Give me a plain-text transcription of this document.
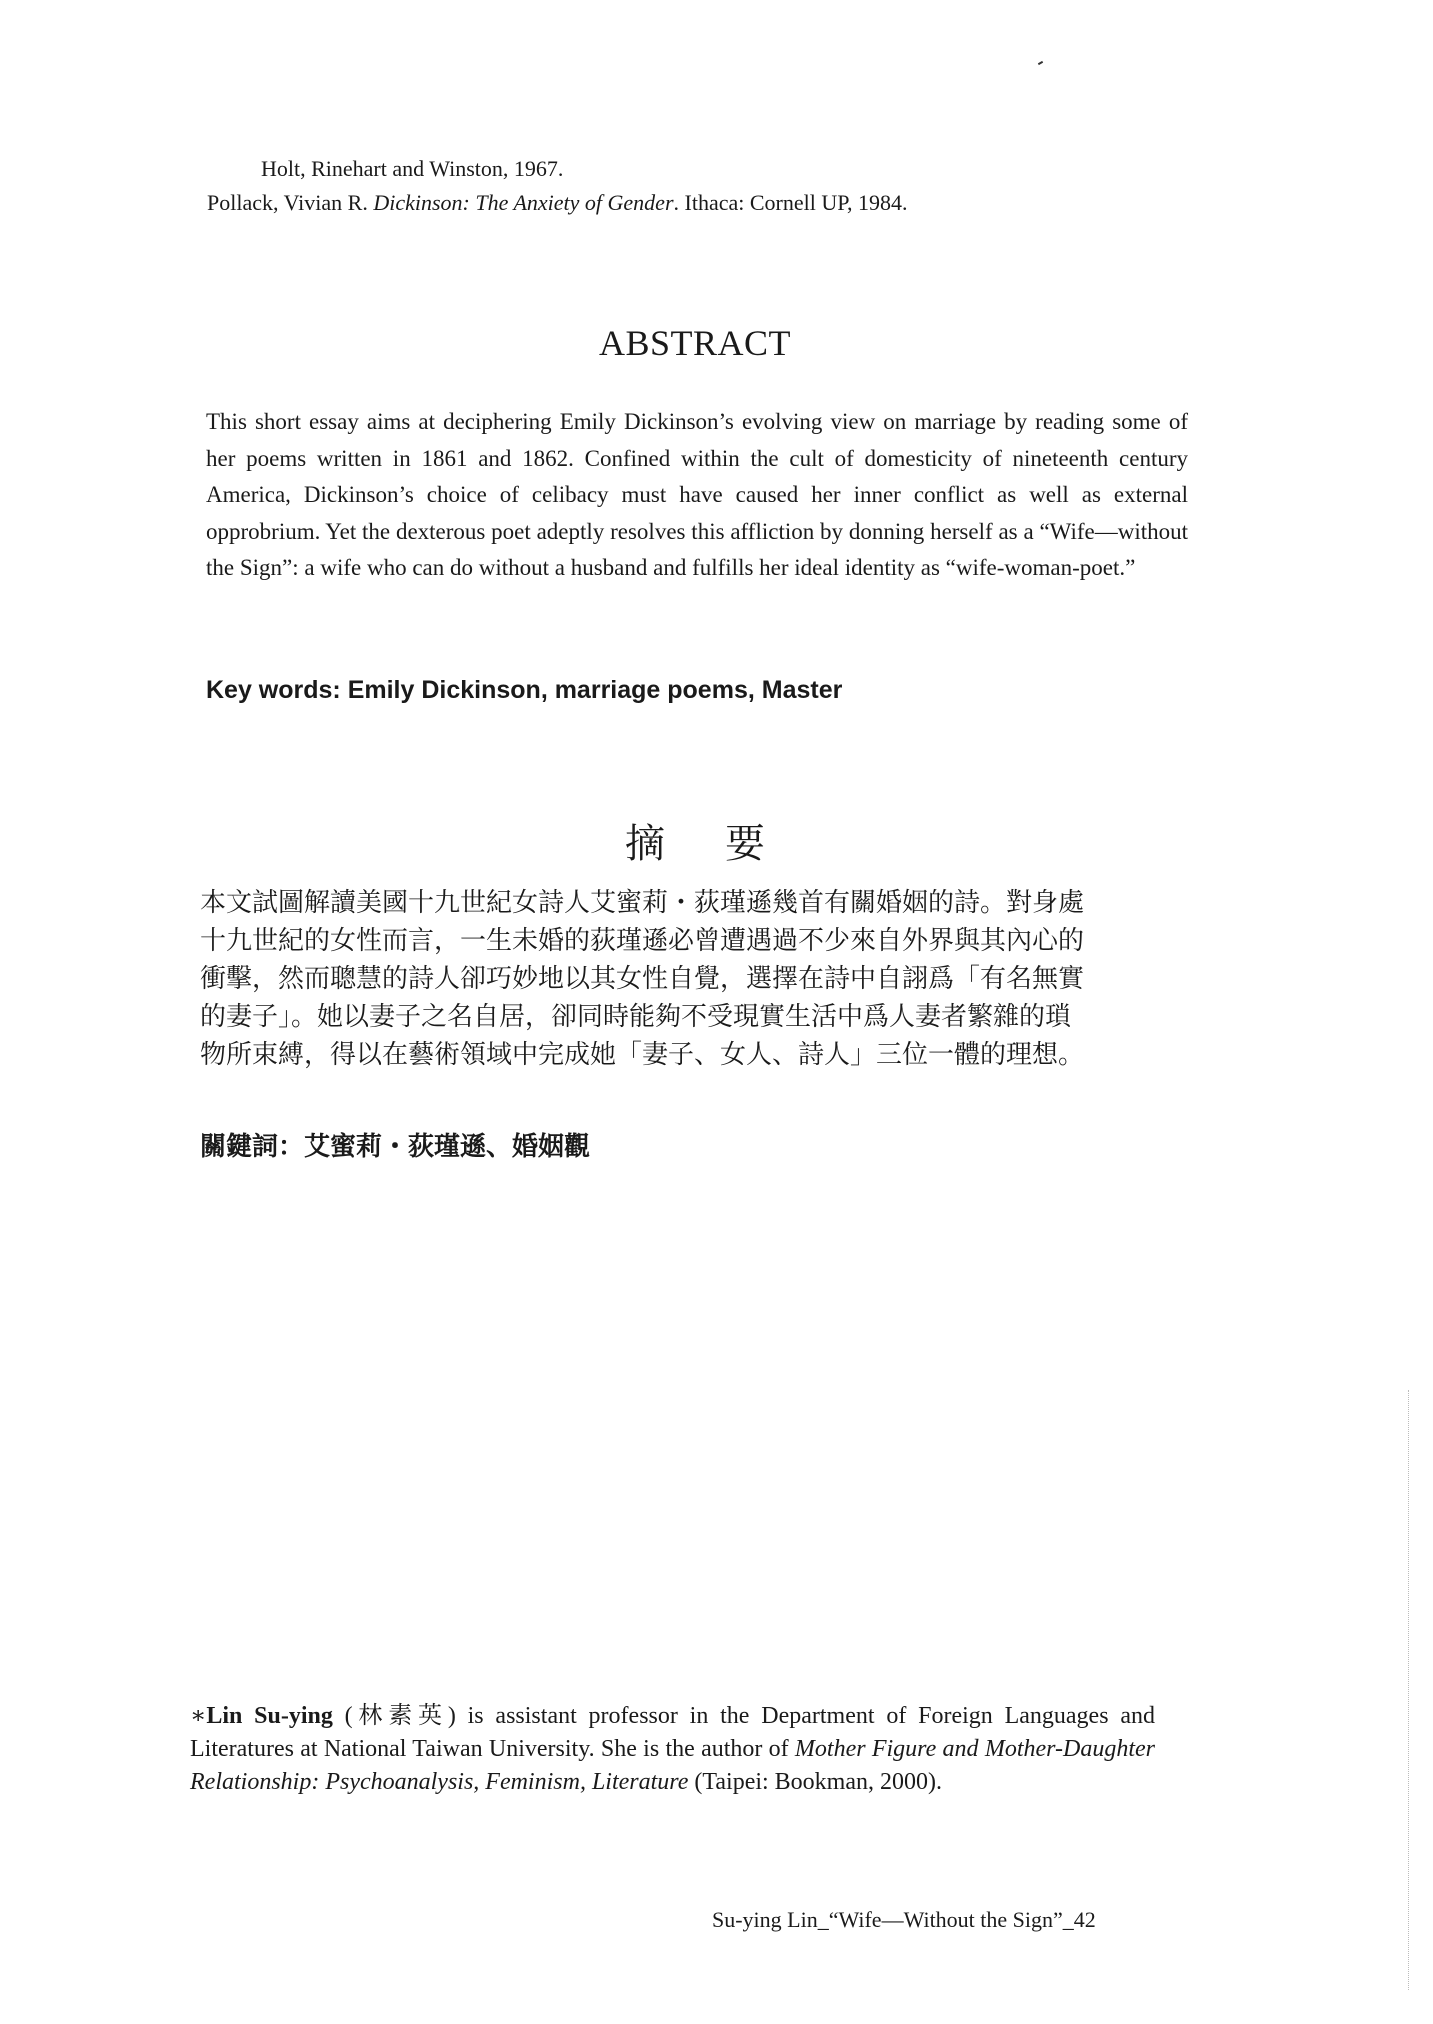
Holt, Rinehart and Winston, 1967.
Pollack, Vivian R. Dickinson: The Anxiety of Gender. Ithaca: Cornell UP, 1984.
ABSTRACT
This short essay aims at deciphering Emily Dickinson’s evolving view on marriage by reading some of her poems written in 1861 and 1862. Confined within the cult of domesticity of nineteenth century America, Dickinson’s choice of celibacy must have caused her inner conflict as well as external opprobrium. Yet the dexterous poet adeptly resolves this affliction by donning herself as a “Wife—without the Sign”: a wife who can do without a husband and fulfills her ideal identity as “wife-woman-poet.”
Key words: Emily Dickinson, marriage poems, Master
摘要
本文試圖解讀美國十九世紀女詩人艾蜜莉・荻瑾遜幾首有關婚姻的詩。對身處
十九世紀的女性而言，一生未婚的荻瑾遜必曾遭遇過不少來自外界與其內心的
衝擊，然而聰慧的詩人卻巧妙地以其女性自覺，選擇在詩中自詡爲「有名無實
的妻子」。她以妻子之名自居，卻同時能夠不受現實生活中爲人妻者繁雜的瑣
物所束縛，得以在藝術領域中完成她「妻子、女人、詩人」三位一體的理想。
關鍵詞：艾蜜莉・荻瑾遜、婚姻觀
∗Lin Su-ying (林素英) is assistant professor in the Department of Foreign Languages and Literatures at National Taiwan University. She is the author of Mother Figure and Mother-Daughter Relationship: Psychoanalysis, Feminism, Literature (Taipei: Bookman, 2000).
Su-ying Lin_“Wife—Without the Sign”_42
